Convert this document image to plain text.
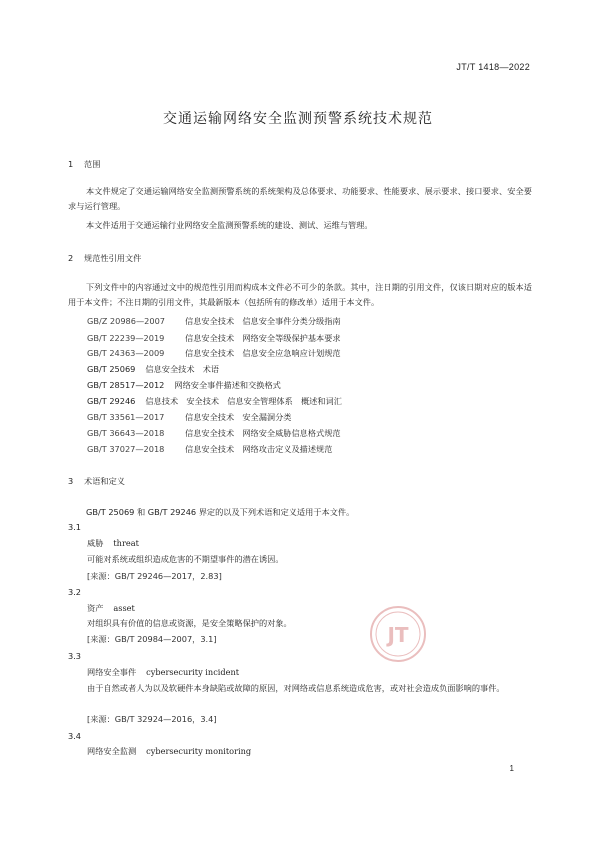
JT/T 1418—2022
交通运输网络安全监测预警系统技术规范
1 范围
本文件规定了交通运输网络安全监测预警系统的系统架构及总体要求、功能要求、性能要求、展示要求、接口要求、安全要求与运行管理。
本文件适用于交通运输行业网络安全监测预警系统的建设、测试、运维与管理。
2 规范性引用文件
下列文件中的内容通过文中的规范性引用而构成本文件必不可少的条款。其中，注日期的引用文件，仅该日期对应的版本适用于本文件；不注日期的引用文件，其最新版本（包括所有的修改单）适用于本文件。
GB/Z 20986—2007 信息安全技术　信息安全事件分类分级指南
GB/T 22239—2019	信息安全技术　网络安全等级保护基本要求
GB/T 24363—2009	信息安全技术　信息安全应急响应计划规范
GB/T 25069 信息安全技术　术语
GB/T 28517—2012 网络安全事件描述和交换格式
GB/T 29246 信息技术　安全技术　信息安全管理体系　概述和词汇
GB/T 33561—2017	信息安全技术　安全漏洞分类
GB/T 36643—2018	信息安全技术　网络安全威胁信息格式规范
GB/T 37027—2018	信息安全技术　网络攻击定义及描述规范
3 术语和定义
GB/T 25069 和 GB/T 29246 界定的以及下列术语和定义适用于本文件。
3.1
威胁 threat
可能对系统或组织造成危害的不期望事件的潜在诱因。
[来源：GB/T 29246—2017，2.83]
3.2
资产 asset
对组织具有价值的信息或资源，是安全策略保护的对象。
[来源：GB/T 20984—2007，3.1]
3.3
网络安全事件 cybersecurity incident
由于自然或者人为以及软硬件本身缺陷或故障的原因，对网络或信息系统造成危害，或对社会造成负面影响的事件。
[来源：GB/T 32924—2016，3.4]
3.4
网络安全监测 cybersecurity monitoring
JT
1
